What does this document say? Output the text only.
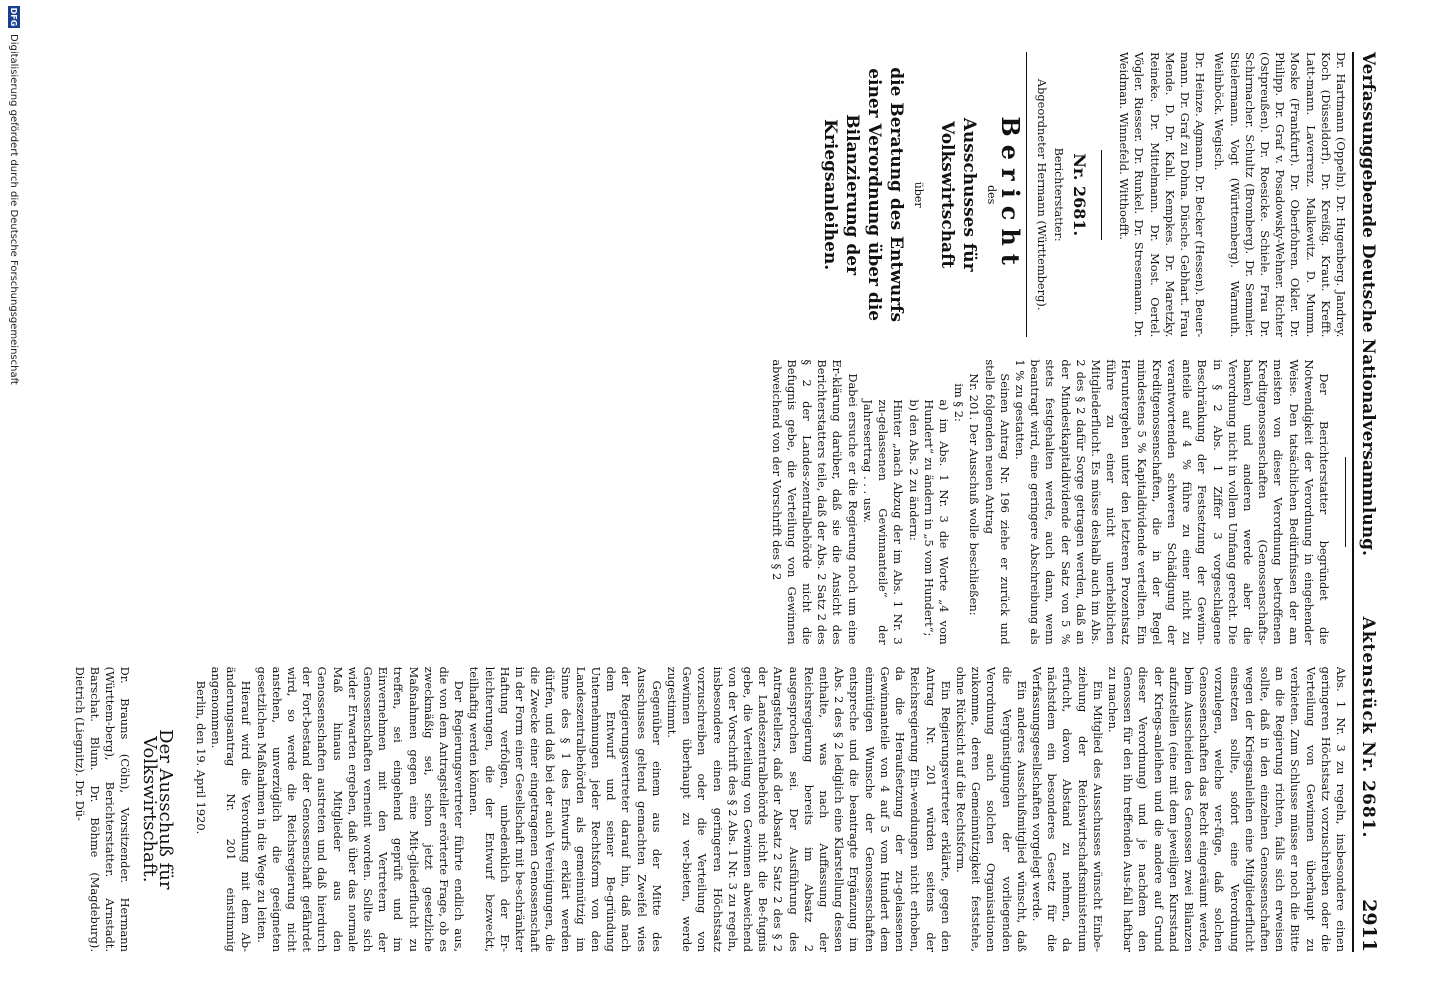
Verfassunggebende Deutsche Nationalversammlung.
Aktenstück Nr. 2681.
2911

Dr. Hartmann (Oppeln). Dr. Hugenberg. Jandrey. Koch (Düsseldorf). Dr. Kreißig. Kraut. Krefft. Latt-mann. Laverrenz. Malkewitz. D. Mumm. Moske (Frankfurt). Dr. Oberfohren. Okler. Dr. Philipp. Dr. Graf v. Posadowsky-Wehner. Richter (Ostpreußen). Dr. Roesicke. Schiele. Frau Dr. Schirmacher. Schultz (Bromberg). Dr. Semmler. Stielermann. Vogt (Württemberg). Warmuth. Weilnböck. Wegisch.

Dr. Heinze. Agmann. Dr. Becker (Hessen). Beuer-mann. Dr. Graf zu Dohna. Düsche. Gebhart. Frau Mende. D. Dr. Kahl. Kempkes. Dr. Maretzky. Reineke. Dr. Mittelmann. Dr. Most. Oertel. Vögler. Riesser. Dr. Runkel. Dr. Stresemann. Dr. Weidman. Winnefeld. Witthoefft.

Nr. 2681.
Berichterstatter:
Abgeordneter Hermann (Württemberg).
Bericht
des
Ausschusses für Volkswirtschaft
über
die Beratung des Entwurfs einer Verordnung über die Bilanzierung der Kriegsanleihen.

Der Berichterstatter begründet die Notwendigkeit der Verordnung in eingehender Weise. Den tatsächlichen Bedürfnissen der am meisten von dieser Verordnung betroffenen Kreditgenossenschaften (Genossenschafts-banken) und anderen werde aber die Verordnung nicht in vollem Umfang gerecht. Die in § 2 Abs. 1 Ziffer 3 vorgeschlagene Beschränkung der Festsetzung der Gewinn-anteile auf 4 % führe zu einer nicht zu verantwortenden schweren Schädigung der Kreditgenossenschaften, die in der Regel mindestens 5 % Kapitaldividende verteilten. Ein Heruntergehen unter den letzteren Prozentsatz führe zu einer nicht unerheblichen Mitgliederflucht. Es müsse deshalb auch im Abs. 2 des § 2 dafür Sorge getragen werden, daß an der Mindestkapitaldividende der Satz von 5 % stets festgehalten werde, auch dann, wenn beantragt wird, eine geringere Abschreibung als 1 % zu gestatten.

Seinen Antrag Nr. 196 ziehe er zurück und stelle folgenden neuen Antrag

Nr. 201. Der Ausschuß wolle beschließen:

im § 2:

a) im Abs. 1 Nr. 3 die Worte „4 vom Hundert“ zu ändern in „5 vom Hundert“;

b) den Abs. 2 zu ändern:

Hinter „nach Abzug der im Abs. 1 Nr. 3 zu-gelassenen Gewinnanteile“ der Jahresertrag . . . usw.

Dabei ersuche er die Regierung noch um eine Er-klärung darüber, daß sie die Ansicht des Berichterstatters teile, daß der Abs. 2 Satz 2 des § 2 der Landes-zentralbehörde nicht die Befugnis gebe, die Verteilung von Gewinnen abweichend von der Vorschrift des § 2

Abs. 1 Nr. 3 zu regeln, insbesondere einen geringeren Höchstsatz vorzuschreiben oder die Verteilung von Gewinnen überhaupt zu verbieten. Zum Schlusse müsse er noch die Bitte an die Regierung richten, falls sich erweisen sollte, daß in den einzelnen Genossenschaften wegen der Kriegsanleihen eine Mitgliederflucht einsetzen sollte, sofort eine Verordnung vorzulegen, welche ver-füge, daß solchen Genossenschaften das Recht eingeräumt werde, beim Ausscheiden des Genossen zwei Bilanzen aufzustellen (eine mit dem jeweiligen Kursstand der Kriegs-anleihen und die andere auf Grund dieser Verordnung) und je nachdem den Genossen für den ihn treffenden Aus-fall haftbar zu machen.

Ein Mitglied des Ausschusses wünscht Einbe-ziehung der Reichswirtschaftsministerium erfucht, davon Abstand zu nehmen, da nächstdem ein besonderes Gesetz für die Verfassungsgesellschaften vorgelegt werde.

Ein anderes Ausschußmitglied wünscht, daß die Vergünstigungen der vorliegenden Verordnung auch solchen Organisationen zukomme, deren Gemeinnützigkeit feststehe, ohne Rücksicht auf die Rechtsform.

Ein Regierungsvertreter erklärte, gegen den Antrag Nr. 201 würden seitens der Reichsregierung Ein-wendungen nicht erhoben, da die Heraufsetzung der zu-gelassenen Gewinnanteile von 4 auf 5 vom Hundert dem einmütigen Wunsche der Genossenschaften entspreche und die beantragte Ergänzung im Abs. 2 des § 2 lediglich eine Klarstellung dessen enthalte, was nach Auffassung der Reichsregierung bereits im Absatz 2 ausgesprochen sei. Der Ausführung des Antragstellers, daß der Absatz 2 Satz 2 des § 2 der Landeszentralbehörde nicht die Be-fugnis gebe, die Verteilung von Gewinnen abweichend von der Vorschrift des § 2 Abs. 1 Nr. 3 zu regeln, insbesondere einen geringeren Höchstsatz vorzuschreiben oder die Verteilung von Gewinnen überhaupt zu ver-bieten, werde zugestimmt.

Gegenüber einem aus der Mitte des Ausschusses geltend gemachten Zweifel wies der Regierungsvertreter darauf hin, daß nach dem Entwurf und seiner Be-gründung Unternehmungen jeder Rechtsform von den Landeszentralbehörden als gemeinnützig im Sinne des § 1 des Entwurfs erklärt werden dürfen, und daß bei der auch Vereinigungen, die die Zwecke einer eingetragenen Genossenschaft in der Form einer Gesellschaft mit be-schränkter Haftung verfolgen, unbedenklich der Er-leichterungen, die der Entwurf bezweckt, teilhaftig werden können.

Der Regierungsvertreter führte endlich aus, die von dem Antragsteller erörterte Frage, ob es zweckmäßig sei, schon jetzt gesetzliche Maßnahmen gegen eine Mit-gliederflucht zu treffen, sei eingehend geprüft und im Einvernehmen mit den Vertretern der Genossenschaften verneint worden. Sollte sich wider Erwarten ergeben, daß über das normale Maß hinaus Mitglieder aus den Genossenschaften austreten und daß hierdurch der Fort-bestand der Genossenschaft gefährdet wird, so werde die Reichsregierung nicht anstehen, unverzüglich die geeigneten gesetzlichen Maßnahmen in die Wege zu leiten.

Hierauf wird die Verordnung mit dem Ab-änderungsantrag Nr. 201 einstimmig angenommen.

Berlin, den 19. April 1920.

Der Ausschuß für Volkswirtschaft.

Dr. Brauns (Cöln), Vorsitzender. Hermann (Württem-berg), Berichterstatter. Arnstadt. Barschat. Blum. Dr. Böhme (Magdeburg). Dietrich (Liegnitz). Dr. Dü-

DFG
Digitalisierung gefördert durch die Deutsche Forschungsgemeinschaft
